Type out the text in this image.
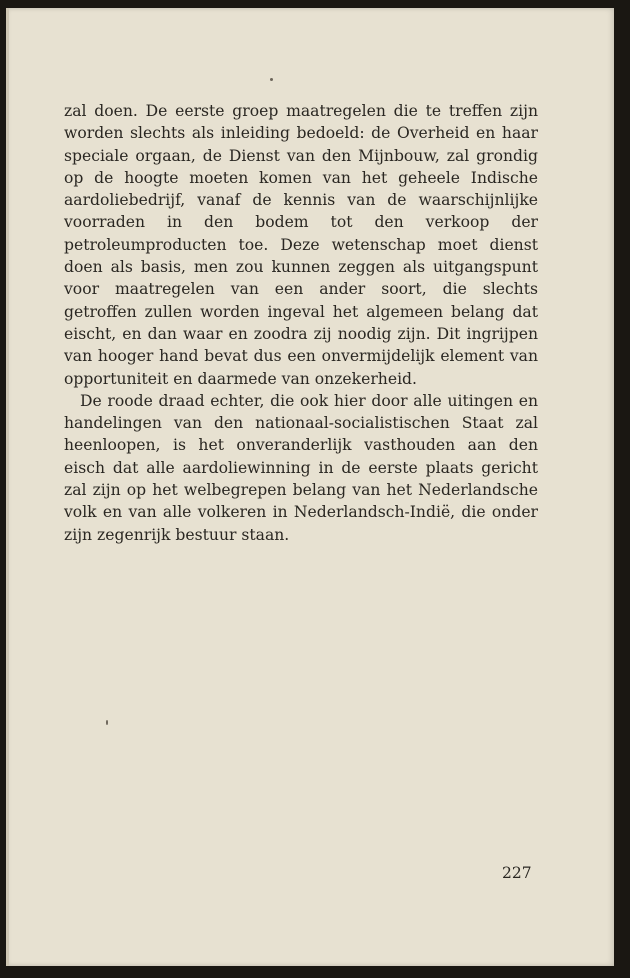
zal doen. De eerste groep maatregelen die te treffen zijn worden slechts als inleiding bedoeld: de Overheid en haar speciale orgaan, de Dienst van den Mijnbouw, zal grondig op de hoogte moeten komen van het geheele Indische aardoliebedrijf, vanaf de kennis van de waarschijnlijke voorraden in den bodem tot den verkoop der petroleumproducten toe. Deze wetenschap moet dienst doen als basis, men zou kunnen zeggen als uitgangspunt voor maatregelen van een ander soort, die slechts getroffen zullen worden ingeval het algemeen belang dat eischt, en dan waar en zoodra zij noodig zijn. Dit ingrijpen van hooger hand bevat dus een onvermijdelijk element van opportuniteit en daarmede van onzekerheid.

De roode draad echter, die ook hier door alle uitingen en handelingen van den nationaal-socialistischen Staat zal heenloopen, is het onveranderlijk vasthouden aan den eisch dat alle aardoliewinning in de eerste plaats gericht zal zijn op het welbegrepen belang van het Nederlandsche volk en van alle volkeren in Nederlandsch-Indië, die onder zijn zegenrijk bestuur staan.

227
